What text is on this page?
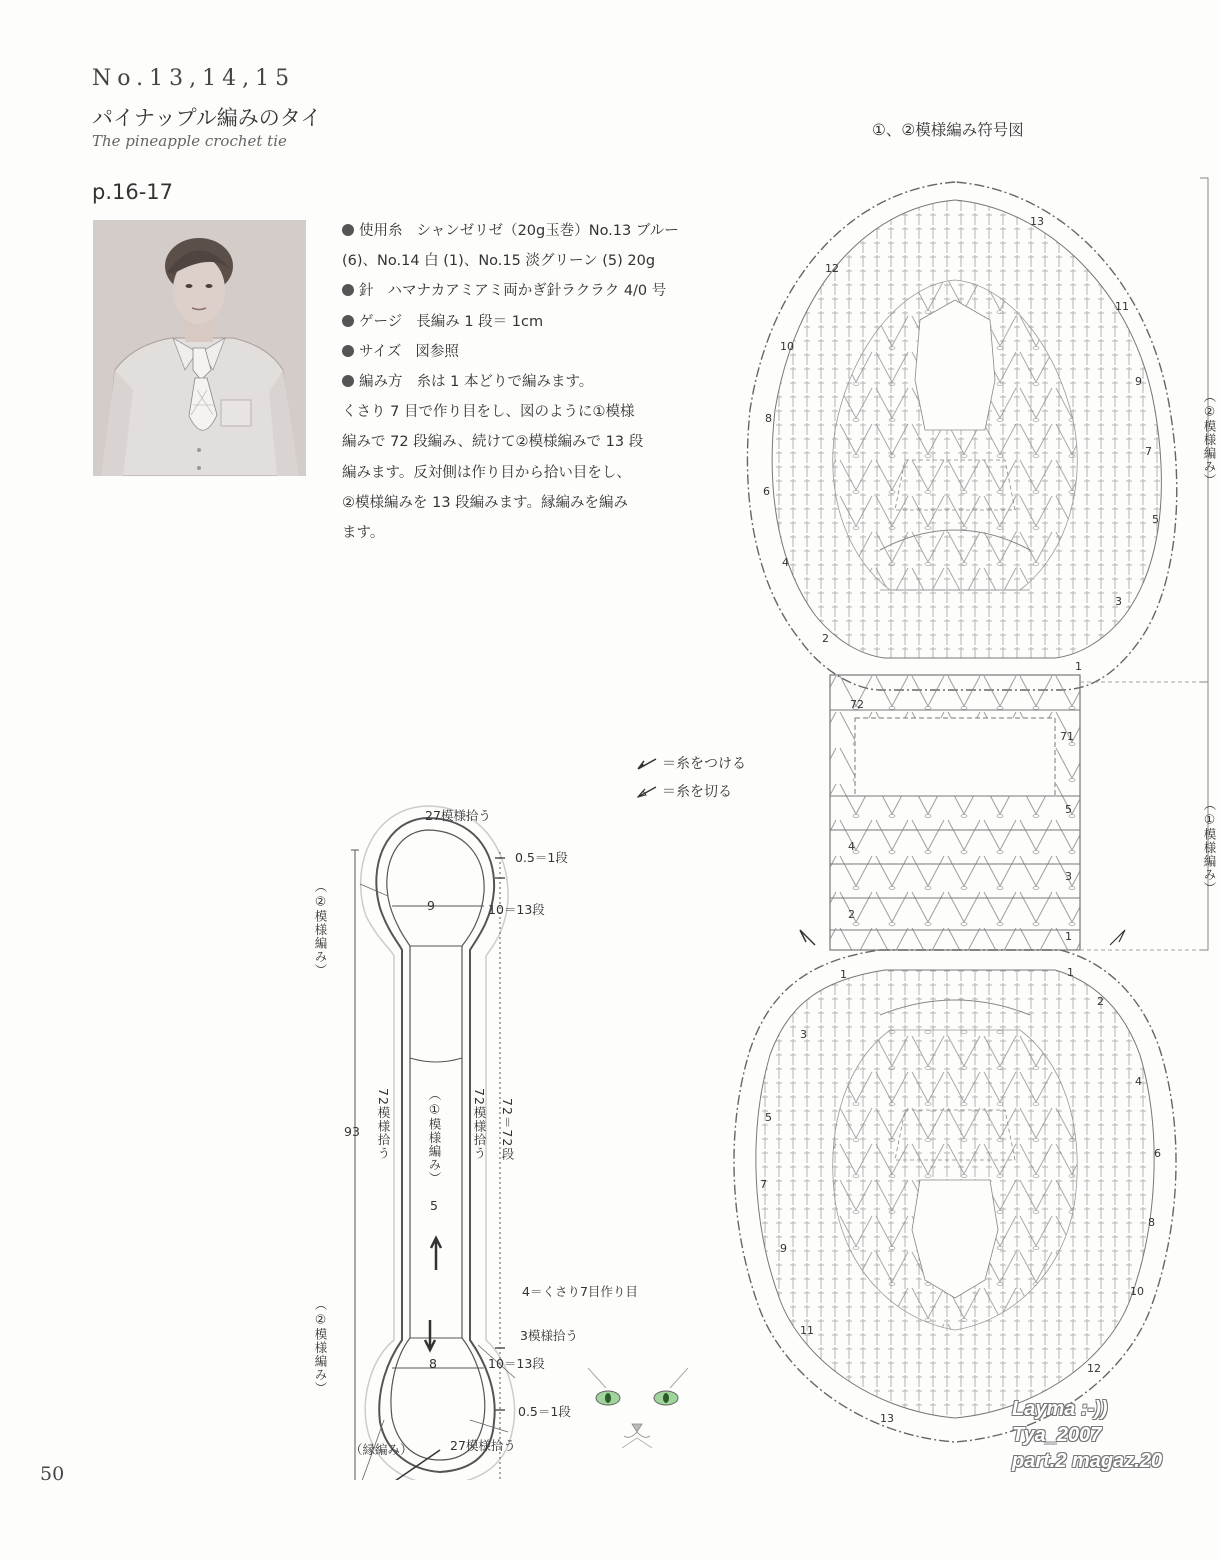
No.13,14,15
パイナップル編みのタイ
The pineapple crochet tie
p.16-17
使用糸 シャンゼリゼ（20g玉巻）No.13 ブルー
(6)、No.14 白 (1)、No.15 淡グリーン (5) 20g
針 ハマナカアミアミ両かぎ針ラクラク 4/0 号
ゲージ 長編み 1 段＝ 1cm
サイズ 図参照
編み方 糸は 1 本どりで編みます。
くさり 7 目で作り目をし、図のように①模様
編みで 72 段編み、続けて②模様編みで 13 段
編みます。反対側は作り目から拾い目をし、
②模様編みを 13 段編みます。縁編みを編み
ます。
①、②模様編み符号図
＝糸をつける
＝糸を切る
12
10
8
6
4
2
13
11
9
7
5
3
1
72
71
5
3
1
4
2
1
3
5
7
9
11
13
1
2
4
6
8
10
12
（②模様編み）
（①模様編み）
27模様拾う
0.5＝1段
9	10＝13段
93
5
4＝くさり7目作り目
3模様拾う
8	10＝13段
0.5＝1段
（縁編み）	27模様拾う
（②模様編み）
（②模様編み）
72模様拾う	（①模様編み） 72模様拾う 72＝72段
Layma :-))
Tya_2007
part.2 magaz.20
50
